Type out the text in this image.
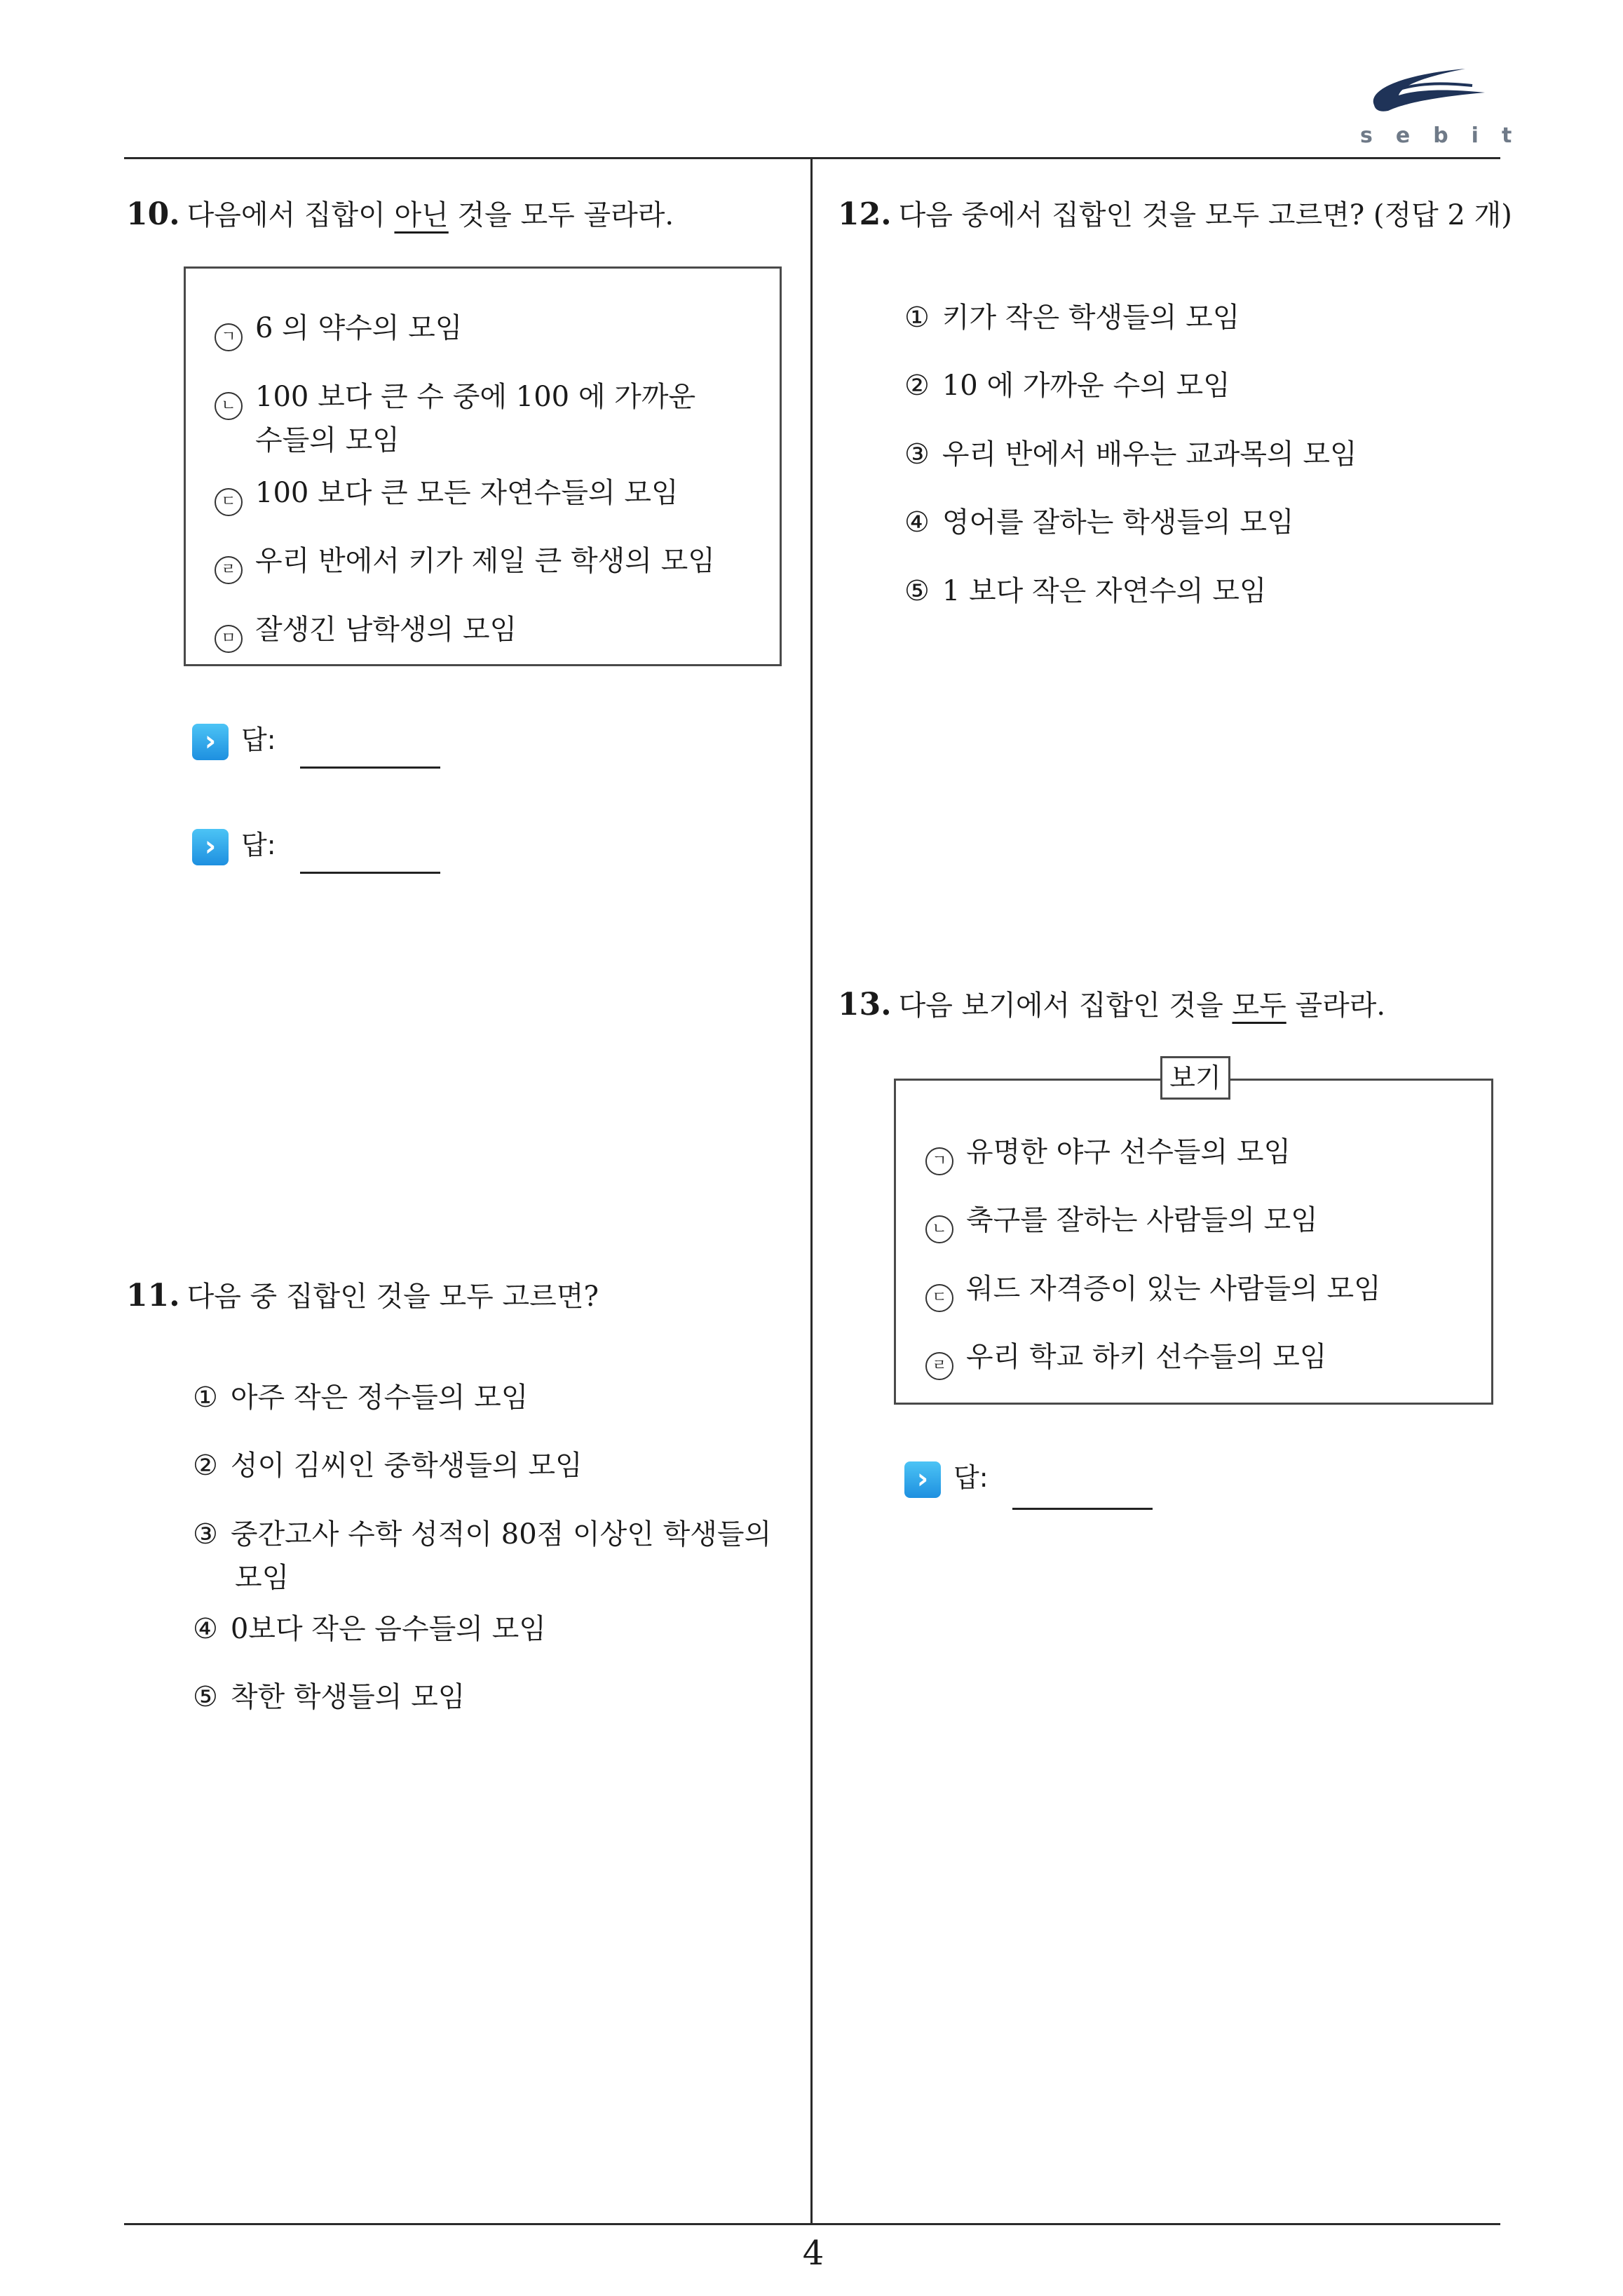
sebit
4
10. 다음에서 집합이 아닌 것을 모두 골라라.
ㄱ 6 의 약수의 모임
ㄴ 100 보다 큰 수 중에 100 에 가까운
수들의 모임
ㄷ 100 보다 큰 모든 자연수들의 모임
ㄹ 우리 반에서 키가 제일 큰 학생의 모임
ㅁ 잘생긴 남학생의 모임
› 답:
› 답:
11. 다음 중 집합인 것을 모두 고르면?
① 아주 작은 정수들의 모임
② 성이 김씨인 중학생들의 모임
③ 중간고사 수학 성적이 80점 이상인 학생들의
모임
④ 0보다 작은 음수들의 모임
⑤ 착한 학생들의 모임
12. 다음 중에서 집합인 것을 모두 고르면? (정답 2 개)
① 키가 작은 학생들의 모임
② 10 에 가까운 수의 모임
③ 우리 반에서 배우는 교과목의 모임
④ 영어를 잘하는 학생들의 모임
⑤ 1 보다 작은 자연수의 모임
13. 다음 보기에서 집합인 것을 모두 골라라.
보기
ㄱ 유명한 야구 선수들의 모임
ㄴ 축구를 잘하는 사람들의 모임
ㄷ 워드 자격증이 있는 사람들의 모임
ㄹ 우리 학교 하키 선수들의 모임
› 답:
